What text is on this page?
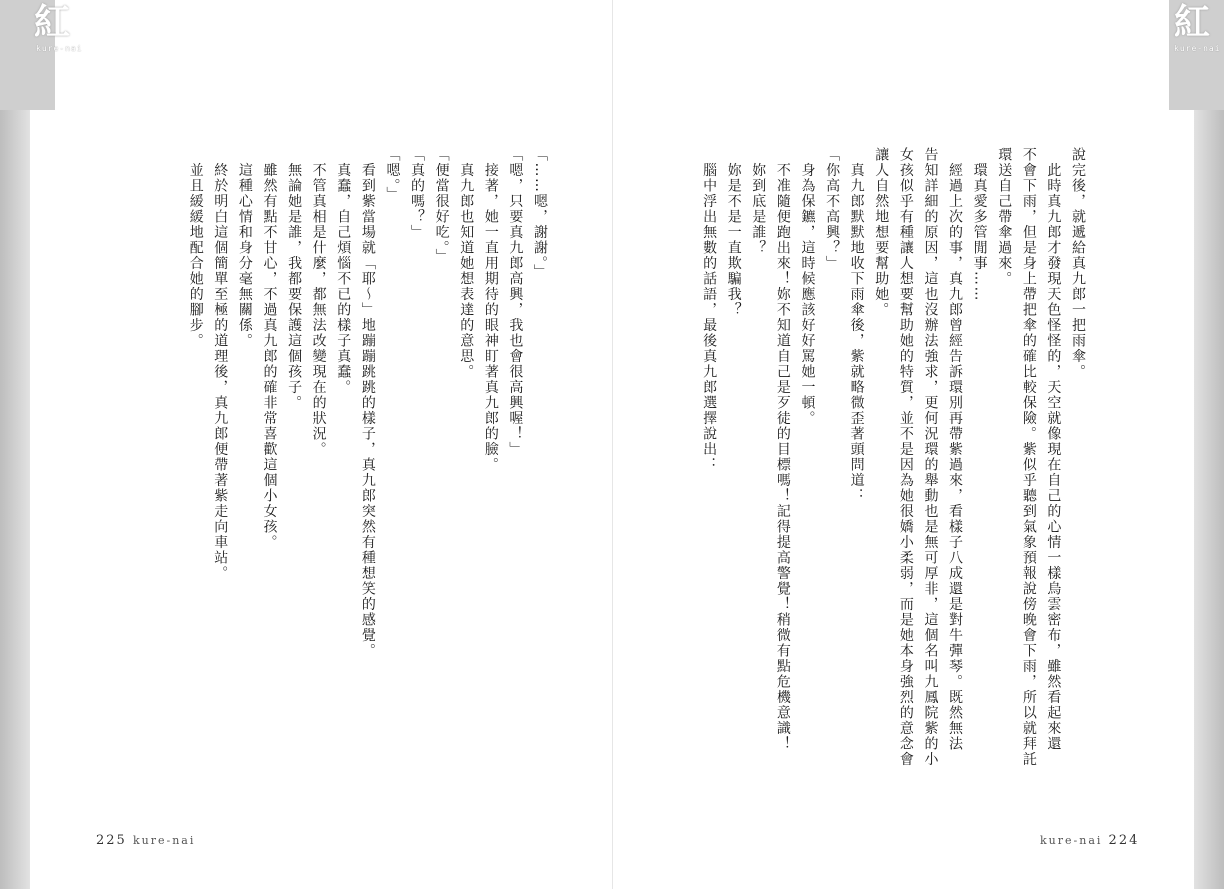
紅
kure-nai
紅
kure-nai
說完後，就遞給真九郎一把雨傘。
　此時真九郎才發現天色怪怪的，天空就像現在自己的心情一樣烏雲密布，雖然看起來還
不會下雨，但是身上帶把傘的確比較保險。紫似乎聽到氣象預報說傍晚會下雨，所以就拜託
環送自己帶傘過來。
　環真愛多管閒事……
　經過上次的事，真九郎曾經告訴環別再帶紫過來，看樣子八成還是對牛彈琴。既然無法
告知詳細的原因，這也沒辦法強求，更何況環的舉動也是無可厚非，這個名叫九鳳院紫的小
女孩似乎有種讓人想要幫助她的特質，並不是因為她很嬌小柔弱，而是她本身強烈的意念會
讓人自然地想要幫助她。
　真九郎默默地收下雨傘後，紫就略微歪著頭問道：
「你高不高興？」
　身為保鑣，這時候應該好好罵她一頓。
　不准隨便跑出來！妳不知道自己是歹徒的目標嗎！記得提高警覺！稍微有點危機意識！
　妳到底是誰？
　妳是不是一直欺騙我？
　腦中浮出無數的話語，最後真九郎選擇說出：
「……嗯，謝謝。」
「嗯，只要真九郎高興，我也會很高興喔！」
　接著，她一直用期待的眼神盯著真九郎的臉。
　真九郎也知道她想表達的意思。
「便當很好吃。」
「真的嗎？」
「嗯。」
　看到紫當場就「耶～」地蹦蹦跳跳的樣子，真九郎突然有種想笑的感覺。
　真蠢，自己煩惱不已的樣子真蠢。
　不管真相是什麼，都無法改變現在的狀況。
　無論她是誰，我都要保護這個孩子。
　雖然有點不甘心，不過真九郎的確非常喜歡這個小女孩。
　這種心情和身分毫無關係。
　終於明白這個簡單至極的道理後，真九郎便帶著紫走向車站。
　並且緩緩地配合她的腳步。
225 kure-nai	kure-nai 224
